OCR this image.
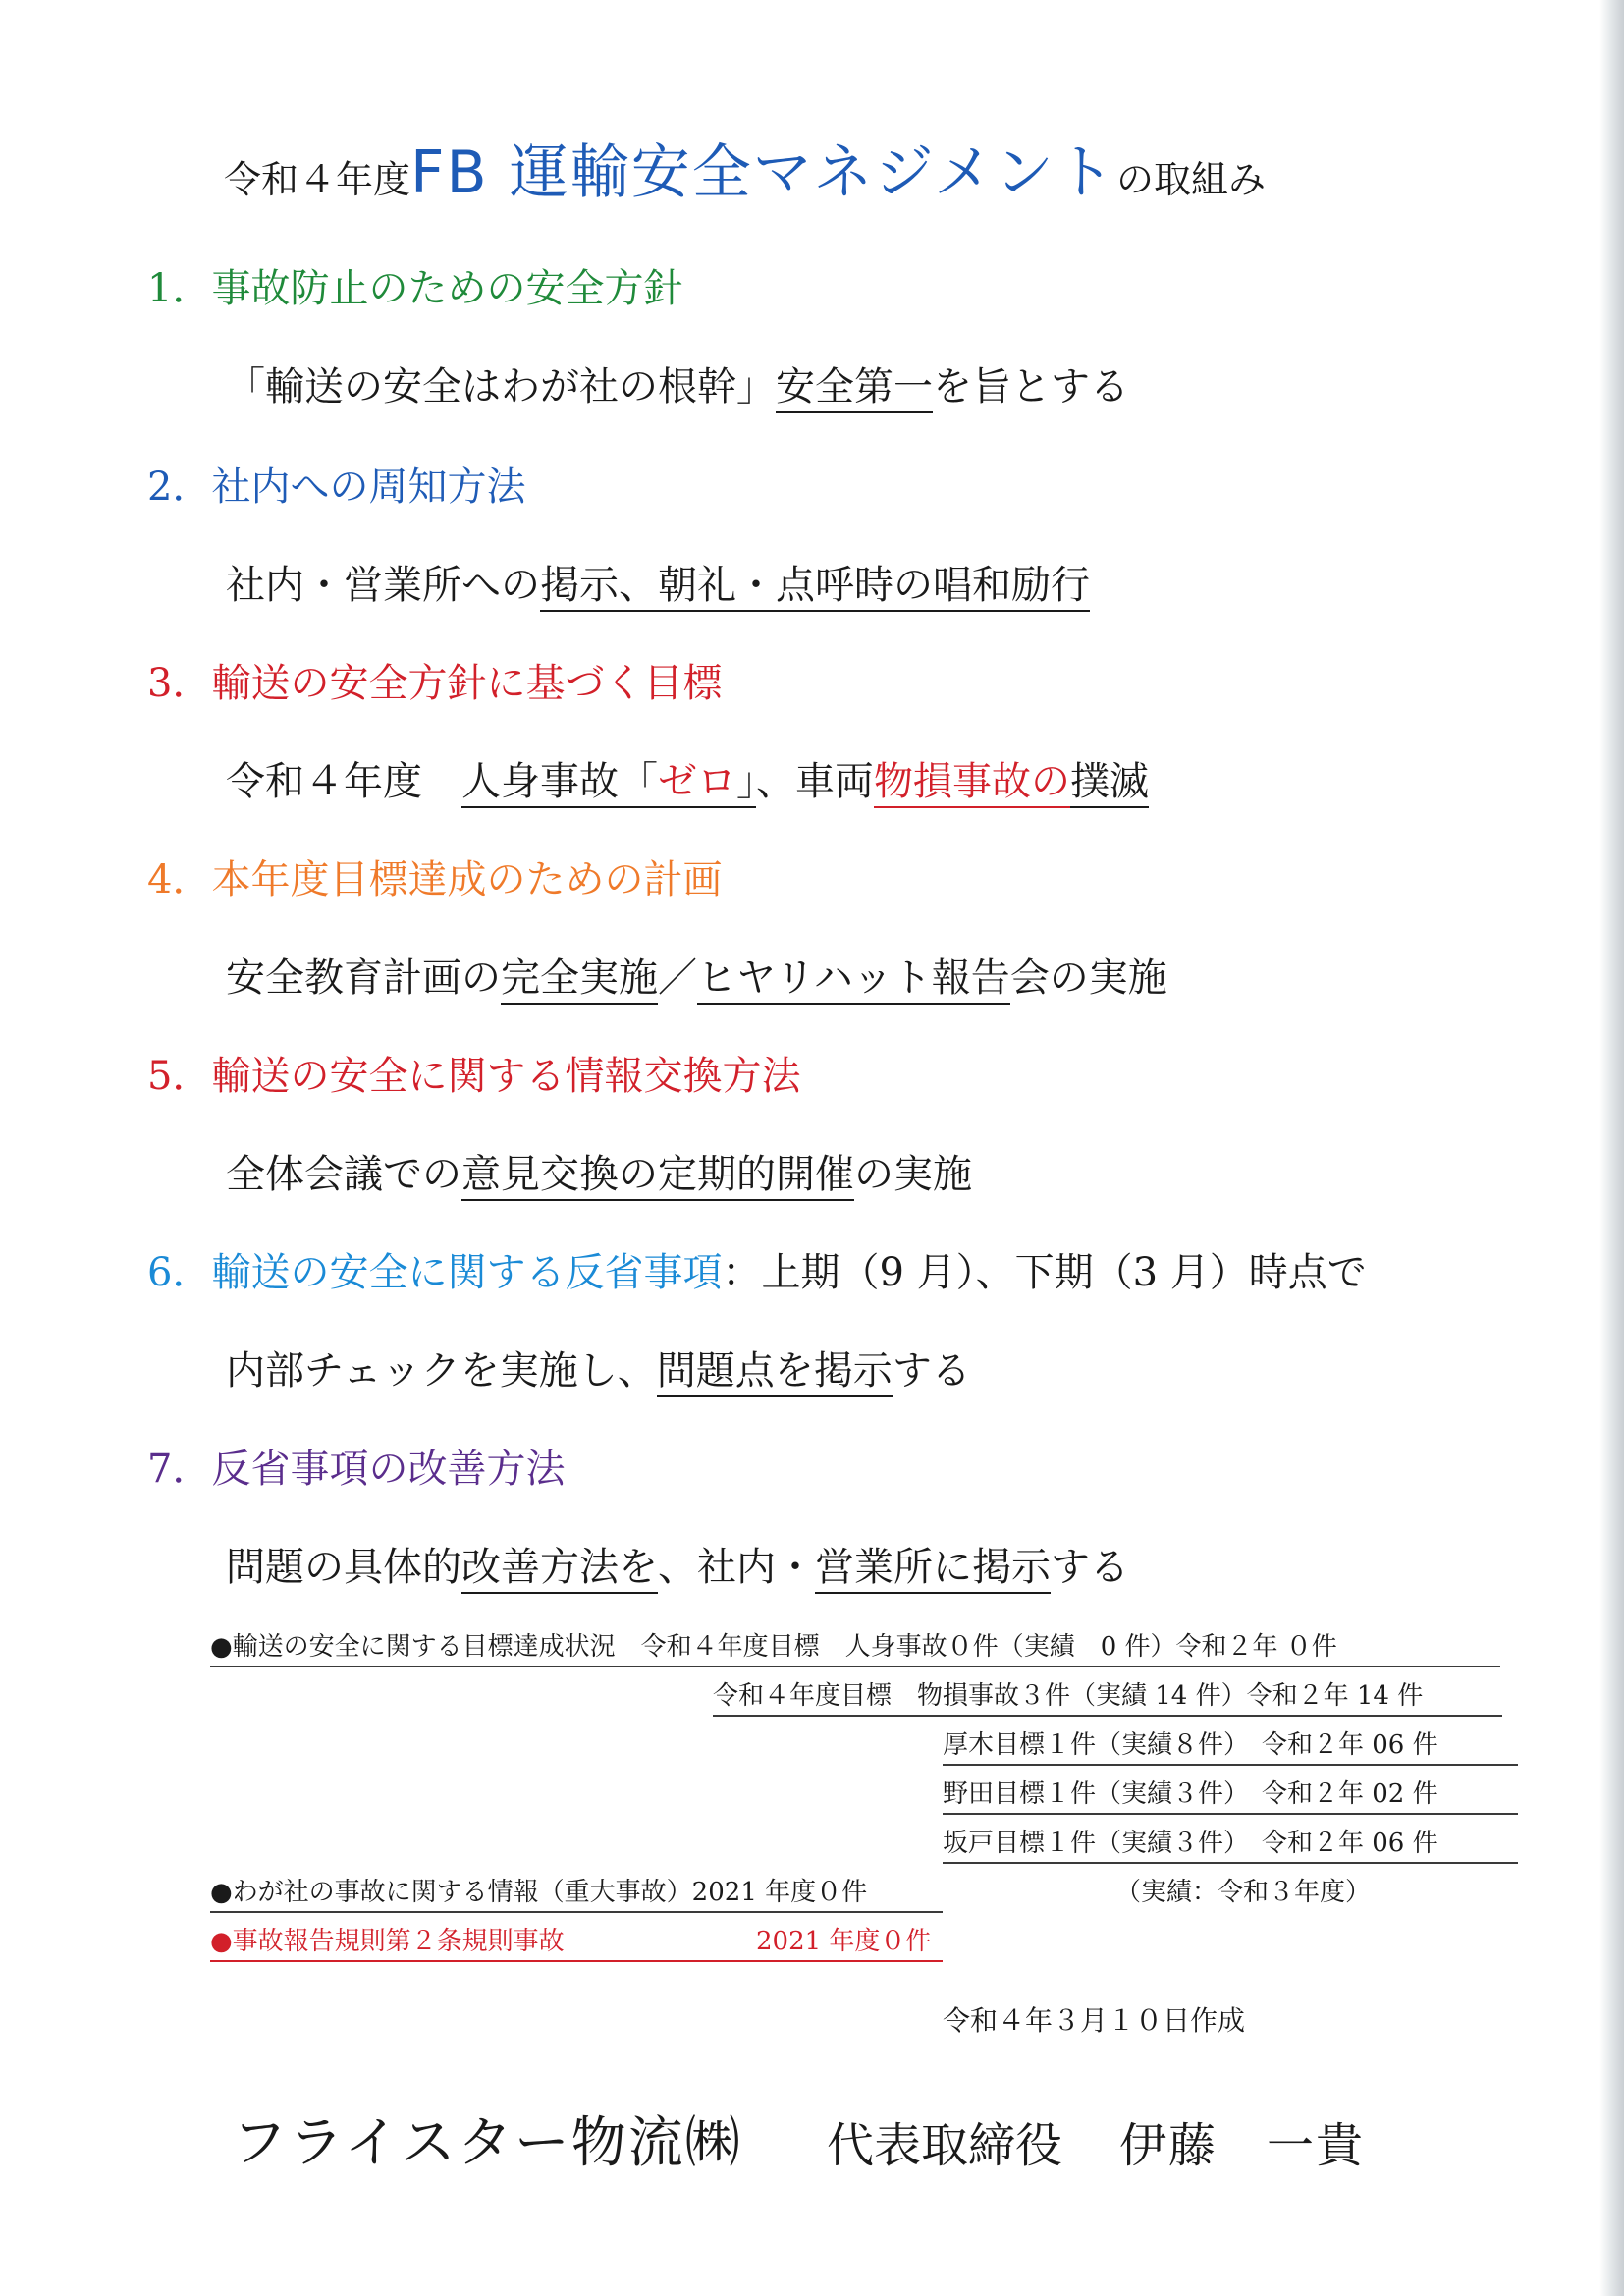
令和４年度FB 運輸安全マネジメントの取組み
1．事故防止のための安全方針
「輸送の安全はわが社の根幹」安全第一を旨とする
2．社内への周知方法
社内・営業所への掲示、朝礼・点呼時の唱和励行
3．輸送の安全方針に基づく目標
令和４年度　人身事故「ゼロ」、車両物損事故の撲滅
4．本年度目標達成のための計画
安全教育計画の完全実施／ヒヤリハット報告会の実施
5．輸送の安全に関する情報交換方法
全体会議での意見交換の定期的開催の実施
6．輸送の安全に関する反省事項：上期（9 月）、下期（3 月）時点で
内部チェックを実施し、問題点を掲示する
7．反省事項の改善方法
問題の具体的改善方法を、社内・営業所に掲示する
●輸送の安全に関する目標達成状況　令和４年度目標　人身事故０件（実績　0 件）令和２年 ０件
令和４年度目標　物損事故３件（実績 14 件）令和２年 14 件
厚木目標１件（実績８件）　令和２年 06 件
野田目標１件（実績３件）　令和２年 02 件
坂戸目標１件（実績３件）　令和２年 06 件
●わが社の事故に関する情報（重大事故）2021 年度０件	（実績：令和３年度）
●事故報告規則第２条規則事故	2021 年度０件
令和４年３月１０日作成
フライスター物流㈱ 代表取締役 伊藤　一貴
